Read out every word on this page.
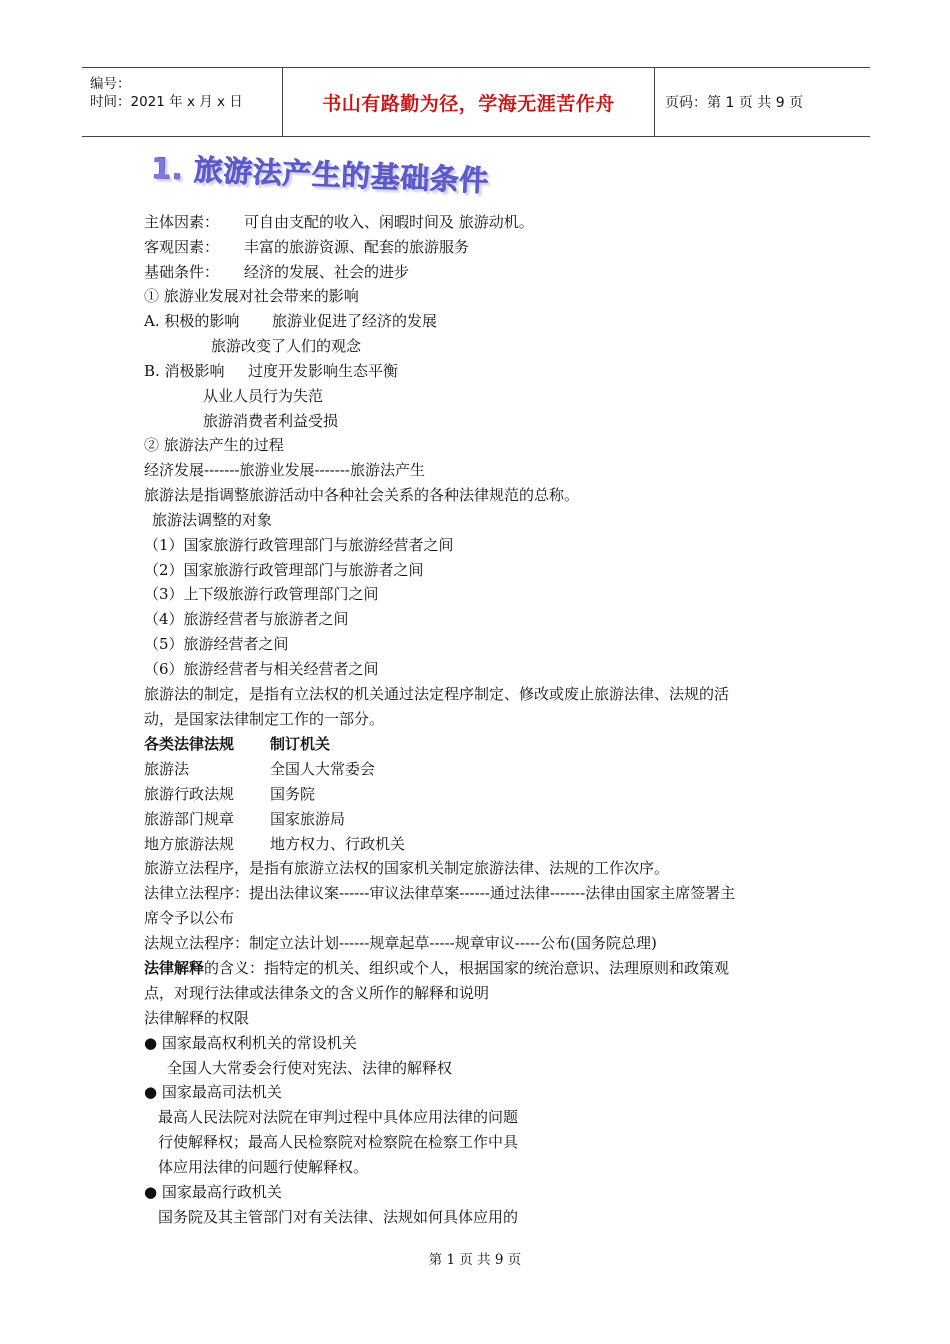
编号：
时间：2021 年 x 月 x 日	书山有路勤为径，学海无涯苦作舟	页码：第 1 页 共 9 页
1. 旅游法产生的基础条件
主体因素： 可自由支配的收入、闲暇时间及 旅游动机。
客观因素： 丰富的旅游资源、配套的旅游服务
基础条件： 经济的发展、社会的进步
① 旅游业发展对社会带来的影响
A. 积极的影响 旅游业促进了经济的发展
旅游改变了人们的观念
B. 消极影响 过度开发影响生态平衡
从业人员行为失范
旅游消费者利益受损
② 旅游法产生的过程
经济发展-------旅游业发展-------旅游法产生
旅游法是指调整旅游活动中各种社会关系的各种法律规范的总称。
旅游法调整的对象
（1）国家旅游行政管理部门与旅游经营者之间
（2）国家旅游行政管理部门与旅游者之间
（3）上下级旅游行政管理部门之间
（4）旅游经营者与旅游者之间
（5）旅游经营者之间
（6）旅游经营者与相关经营者之间
旅游法的制定，是指有立法权的机关通过法定程序制定、修改或废止旅游法律、法规的活
动，是国家法律制定工作的一部分。
各类法律法规 制订机关
旅游法	全国人大常委会
旅游行政法规 国务院
旅游部门规章 国家旅游局
地方旅游法规 地方权力、行政机关
旅游立法程序，是指有旅游立法权的国家机关制定旅游法律、法规的工作次序。
法律立法程序：提出法律议案------审议法律草案------通过法律-------法律由国家主席签署主
席令予以公布
法规立法程序：制定立法计划------规章起草-----规章审议-----公布(国务院总理)
法律解释的含义：指特定的机关、组织或个人，根据国家的统治意识、法理原则和政策观
点，对现行法律或法律条文的含义所作的解释和说明
法律解释的权限
● 国家最高权利机关的常设机关
全国人大常委会行使对宪法、法律的解释权
● 国家最高司法机关
最高人民法院对法院在审判过程中具体应用法律的问题
行使解释权；最高人民检察院对检察院在检察工作中具
体应用法律的问题行使解释权。
● 国家最高行政机关
国务院及其主管部门对有关法律、法规如何具体应用的
第 1 页 共 9 页
